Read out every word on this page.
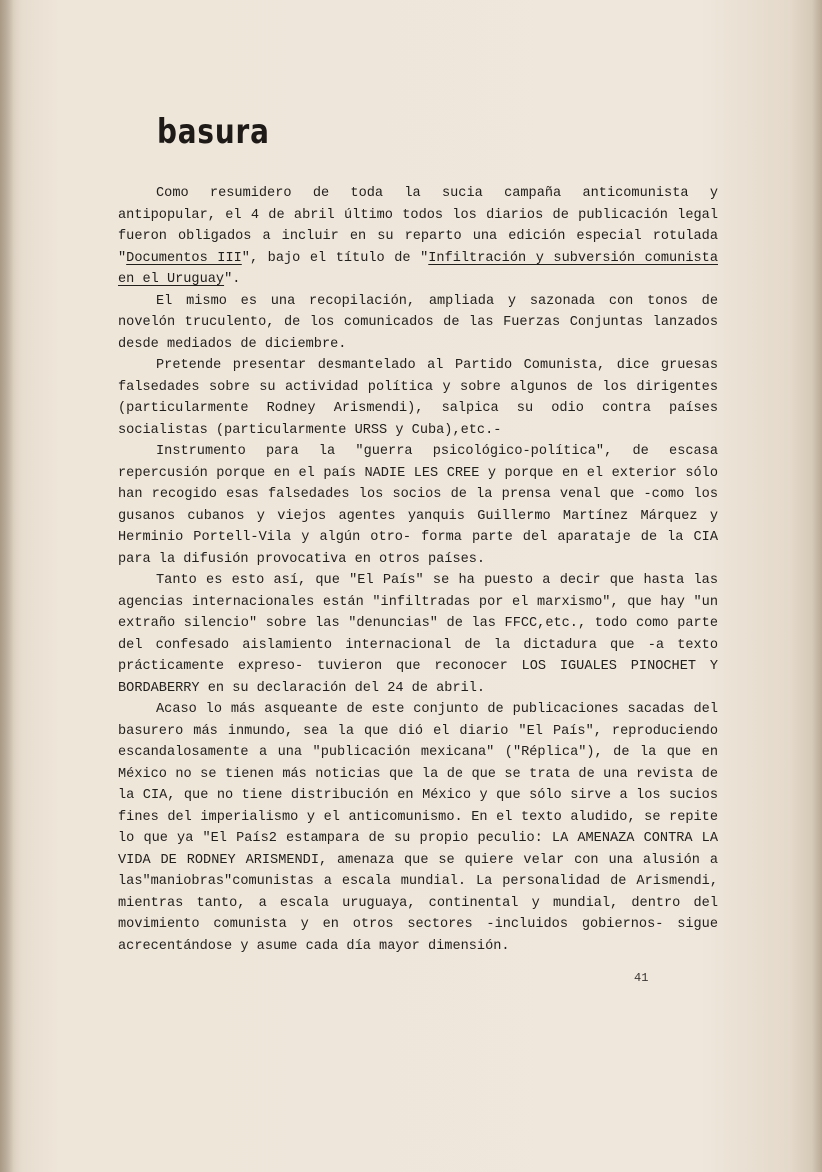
basura

Como resumidero de toda la sucia campaña anticomunista y antipopular, el 4 de abril último todos los diarios de publicación legal fueron obligados a incluir en su reparto una edición especial rotulada "Documentos III", bajo el título de "Infiltración y subversión comunista en el Uruguay".

El mismo es una recopilación, ampliada y sazonada con tonos de novelón truculento, de los comunicados de las Fuerzas Conjuntas lanzados desde mediados de diciembre.

Pretende presentar desmantelado al Partido Comunista, dice gruesas falsedades sobre su actividad política y sobre algunos de los dirigentes (particularmente Rodney Arismendi), salpica su odio contra países socialistas (particularmente URSS y Cuba),etc.-

Instrumento para la "guerra psicológico-política", de escasa repercusión porque en el país NADIE LES CREE y porque en el exterior sólo han recogido esas falsedades los socios de la prensa venal que -como los gusanos cubanos y viejos agentes yanquis Guillermo Martínez Márquez y Herminio Portell-Vila y algún otro- forma parte del aparataje de la CIA para la difusión provocativa en otros países.

Tanto es esto así, que "El País" se ha puesto a decir que hasta las agencias internacionales están "infiltradas por el marxismo", que hay "un extraño silencio" sobre las "denuncias" de las FFCC,etc., todo como parte del confesado aislamiento internacional de la dictadura que -a texto prácticamente expreso- tuvieron que reconocer LOS IGUALES PINOCHET Y BORDABERRY en su declaración del 24 de abril.

Acaso lo más asqueante de este conjunto de publicaciones sacadas del basurero más inmundo, sea la que dió el diario "El País", reproduciendo escandalosamente a una "publicación mexicana" ("Réplica"), de la que en México no se tienen más noticias que la de que se trata de una revista de la CIA, que no tiene distribución en México y que sólo sirve a los sucios fines del imperialismo y el anticomunismo. En el texto aludido, se repite lo que ya "El País2 estampara de su propio peculio: LA AMENAZA CONTRA LA VIDA DE RODNEY ARISMENDI, amenaza que se quiere velar con una alusión a las"maniobras"comunistas a escala mundial. La personalidad de Arismendi, mientras tanto, a escala uruguaya, continental y mundial, dentro del movimiento comunista y en otros sectores -incluidos gobiernos- sigue acrecentándose y asume cada día mayor dimensión.

41
